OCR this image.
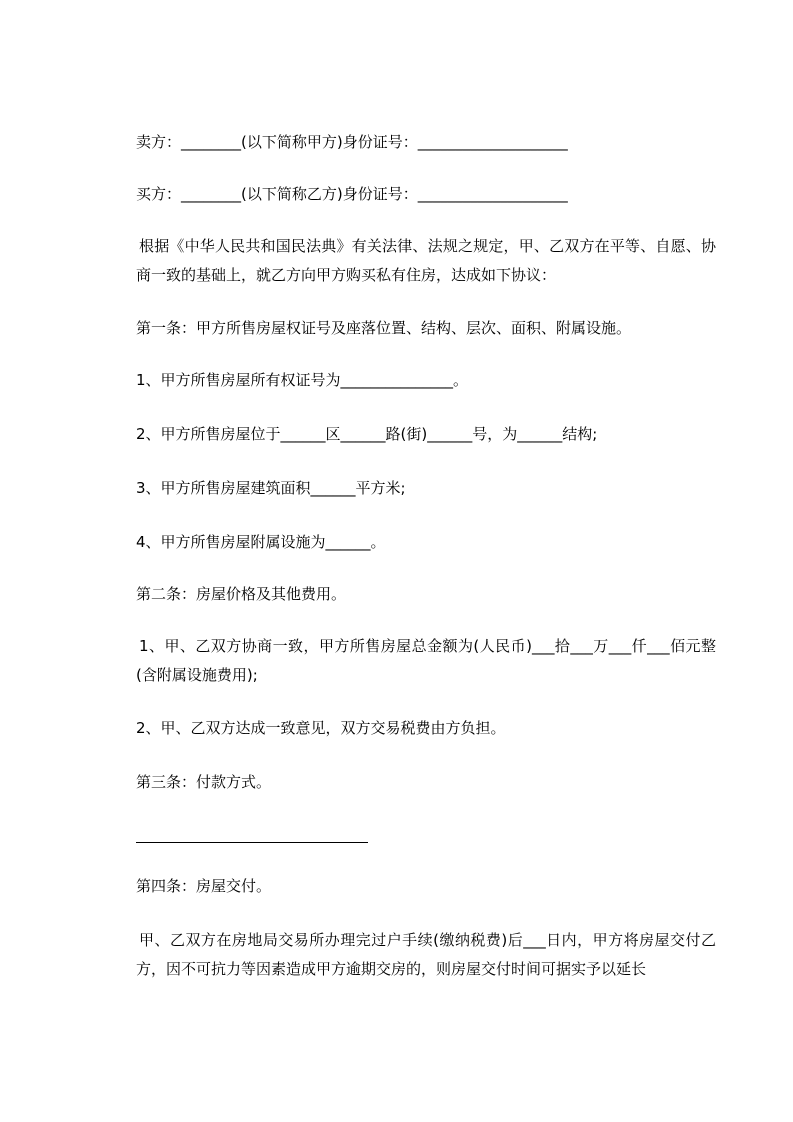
卖方：________(以下简称甲方)身份证号：____________________

买方：________(以下简称乙方)身份证号：____________________

根据《中华人民共和国民法典》有关法律、法规之规定，甲、乙双方在平等、自愿、协商一致的基础上，就乙方向甲方购买私有住房，达成如下协议：

第一条：甲方所售房屋权证号及座落位置、结构、层次、面积、附属设施。

1、甲方所售房屋所有权证号为_______________。

2、甲方所售房屋位于______区______路(街)______号，为______结构;

3、甲方所售房屋建筑面积______平方米;

4、甲方所售房屋附属设施为______。

第二条：房屋价格及其他费用。

1、甲、乙双方协商一致，甲方所售房屋总金额为(人民币)___拾___万___仟___佰元整(含附属设施费用);

2、甲、乙双方达成一致意见，双方交易税费由方负担。

第三条：付款方式。

第四条：房屋交付。

甲、乙双方在房地局交易所办理完过户手续(缴纳税费)后___日内，甲方将房屋交付乙方，因不可抗力等因素造成甲方逾期交房的，则房屋交付时间可据实予以延长
